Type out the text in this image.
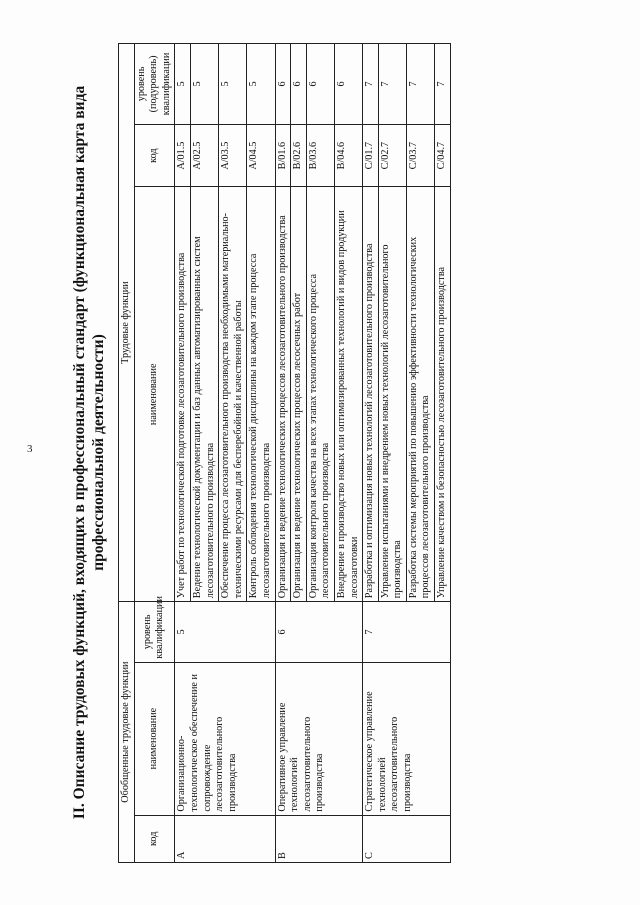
3 II. Описание трудовых функций, входящих в профессиональный стандарт (функциональная карта вида профессиональной деятельности)
Обобщенные трудовые функции			Трудовые функции		
код	наименование	уровень квалификации	наименование	код	уровень (подуровень) квалификации
А	Организационно-технологическое обеспечение и сопровождение лесозаготовительного производства	5	Учет работ по технологической подготовке лесозаготовительного производства	А/01.5	5
			Ведение технологической документации и баз данных автоматизированных систем лесозаготовительного производства	А/02.5	5
			Обеспечение процесса лесозаготовительного производства необходимыми материально-техническими ресурсами для бесперебойной и качественной работы	А/03.5	5
			Контроль соблюдения технологической дисциплины на каждом этапе процесса лесозаготовительного производства	А/04.5	5
В	Оперативное управление технологией лесозаготовительного производства	6	Организация и ведение технологических процессов лесозаготовительного производства	В/01.6	6
			Организация и ведение технологических процессов лесосечных работ	В/02.6	6
			Организация контроля качества на всех этапах технологического процесса лесозаготовительного производства	В/03.6	6
			Внедрение в производство новых или оптимизированных технологий и видов продукции лесозаготовки	В/04.6	6
С	Стратегическое управление технологией лесозаготовительного производства	7	Разработка и оптимизация новых технологий лесозаготовительного производства	С/01.7	7
			Управление испытаниями и внедрением новых технологий лесозаготовительного производства	С/02.7	7
			Разработка системы мероприятий по повышению эффективности технологических процессов лесозаготовительного производства	С/03.7	7
			Управление качеством и безопасностью лесозаготовительного производства	С/04.7	7
